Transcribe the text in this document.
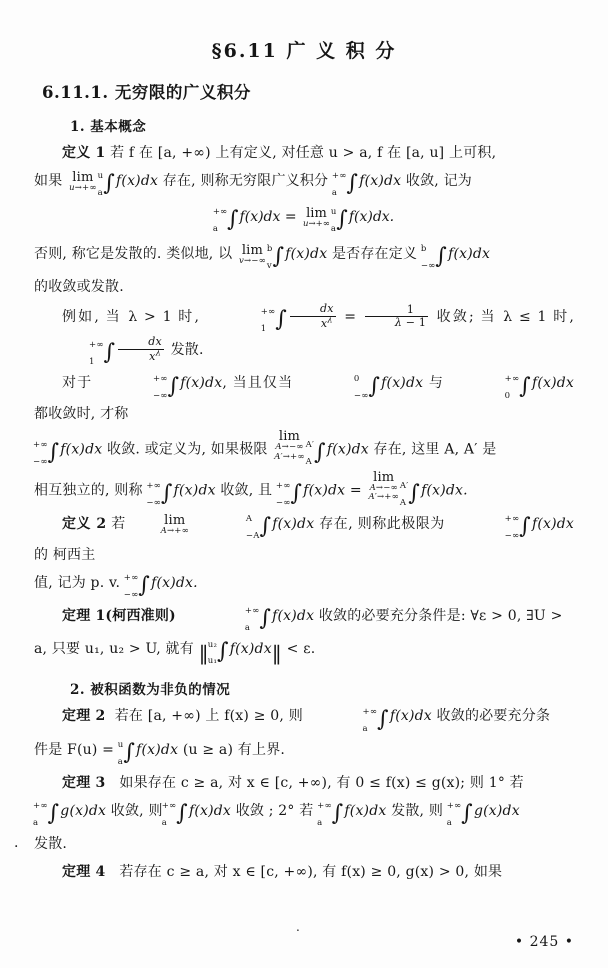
§6.11 广 义 积 分
6.11.1. 无穷限的广义积分
1. 基本概念

定义 1 若 f 在 [a, +∞) 上有定义, 对任意 u > a, f 在 [a, u] 上可积,

如果 lim
u→+∞
u
a ∫f(x)dx 存在, 则称无穷限广义积分 +∞
a ∫f(x)dx 收敛, 记为

+∞
a ∫f(x)dx = lim
u→+∞
u
a ∫f(x)dx.

否则, 称它是发散的. 类似地, 以 lim
v→−∞
b
v ∫f(x)dx 是否存在定义 b
−∞ ∫f(x)dx

的收敛或发散.

例如, 当 λ > 1 时,	+∞
1 ∫ $\frac{dx}{x^\lambda} = \frac{1}{\lambda - 1}$ 收敛; 当 λ ≤ 1 时,
+∞
1 ∫ $\frac{dx}{x^\lambda}$ 发散.

对于	+∞
−∞ ∫f(x)dx, 当且仅当	0
−∞ ∫f(x)dx 与	+∞
0 ∫f(x)dx 都收敛时, 才称

+∞
−∞ ∫f(x)dx 收敛. 或定义为, 如果极限
lim
A→−∞
A′→+∞
A′
A ∫f(x)dx 存在, 这里 A, A′ 是

相互独立的, 则称 +∞
−∞ ∫f(x)dx 收敛, 且 +∞
−∞ ∫f(x)dx =
lim
A→−∞
A′→+∞
A′
A ∫f(x)dx.

定义 2 若	lim
A→+∞
A
−A ∫f(x)dx 存在, 则称此极限为	+∞
−∞ ∫f(x)dx 的 柯西主

值, 记为 p. v. +∞
−∞ ∫f(x)dx.

定理 1(柯西准则)	+∞
a ∫f(x)dx 收敛的必要充分条件是: ∀ε > 0, ∃U >

a, 只要 u₁, u₂ > U, 就有 ‖ u₂
u₁ ∫f(x)dx‖ < ε.

2. 被积函数为非负的情况

定理 2 若在 [a, +∞) 上 f(x) ≥ 0, 则	+∞
a ∫f(x)dx 收敛的必要充分条

件是 F(u) = u
a ∫f(x)dx (u ≥ a) 有上界.

定理 3 如果存在 c ≥ a, 对 x ∈ [c, +∞), 有 0 ≤ f(x) ≤ g(x); 则 1° 若

+∞
a ∫g(x)dx 收敛, 则 +∞
a ∫f(x)dx 收敛 ; 2° 若 +∞
a ∫f(x)dx 发散, 则 +∞
a ∫g(x)dx

发散.

定理 4 若存在 c ≥ a, 对 x ∈ [c, +∞), 有 f(x) ≥ 0, g(x) > 0, 如果

·
.
• 245 •
